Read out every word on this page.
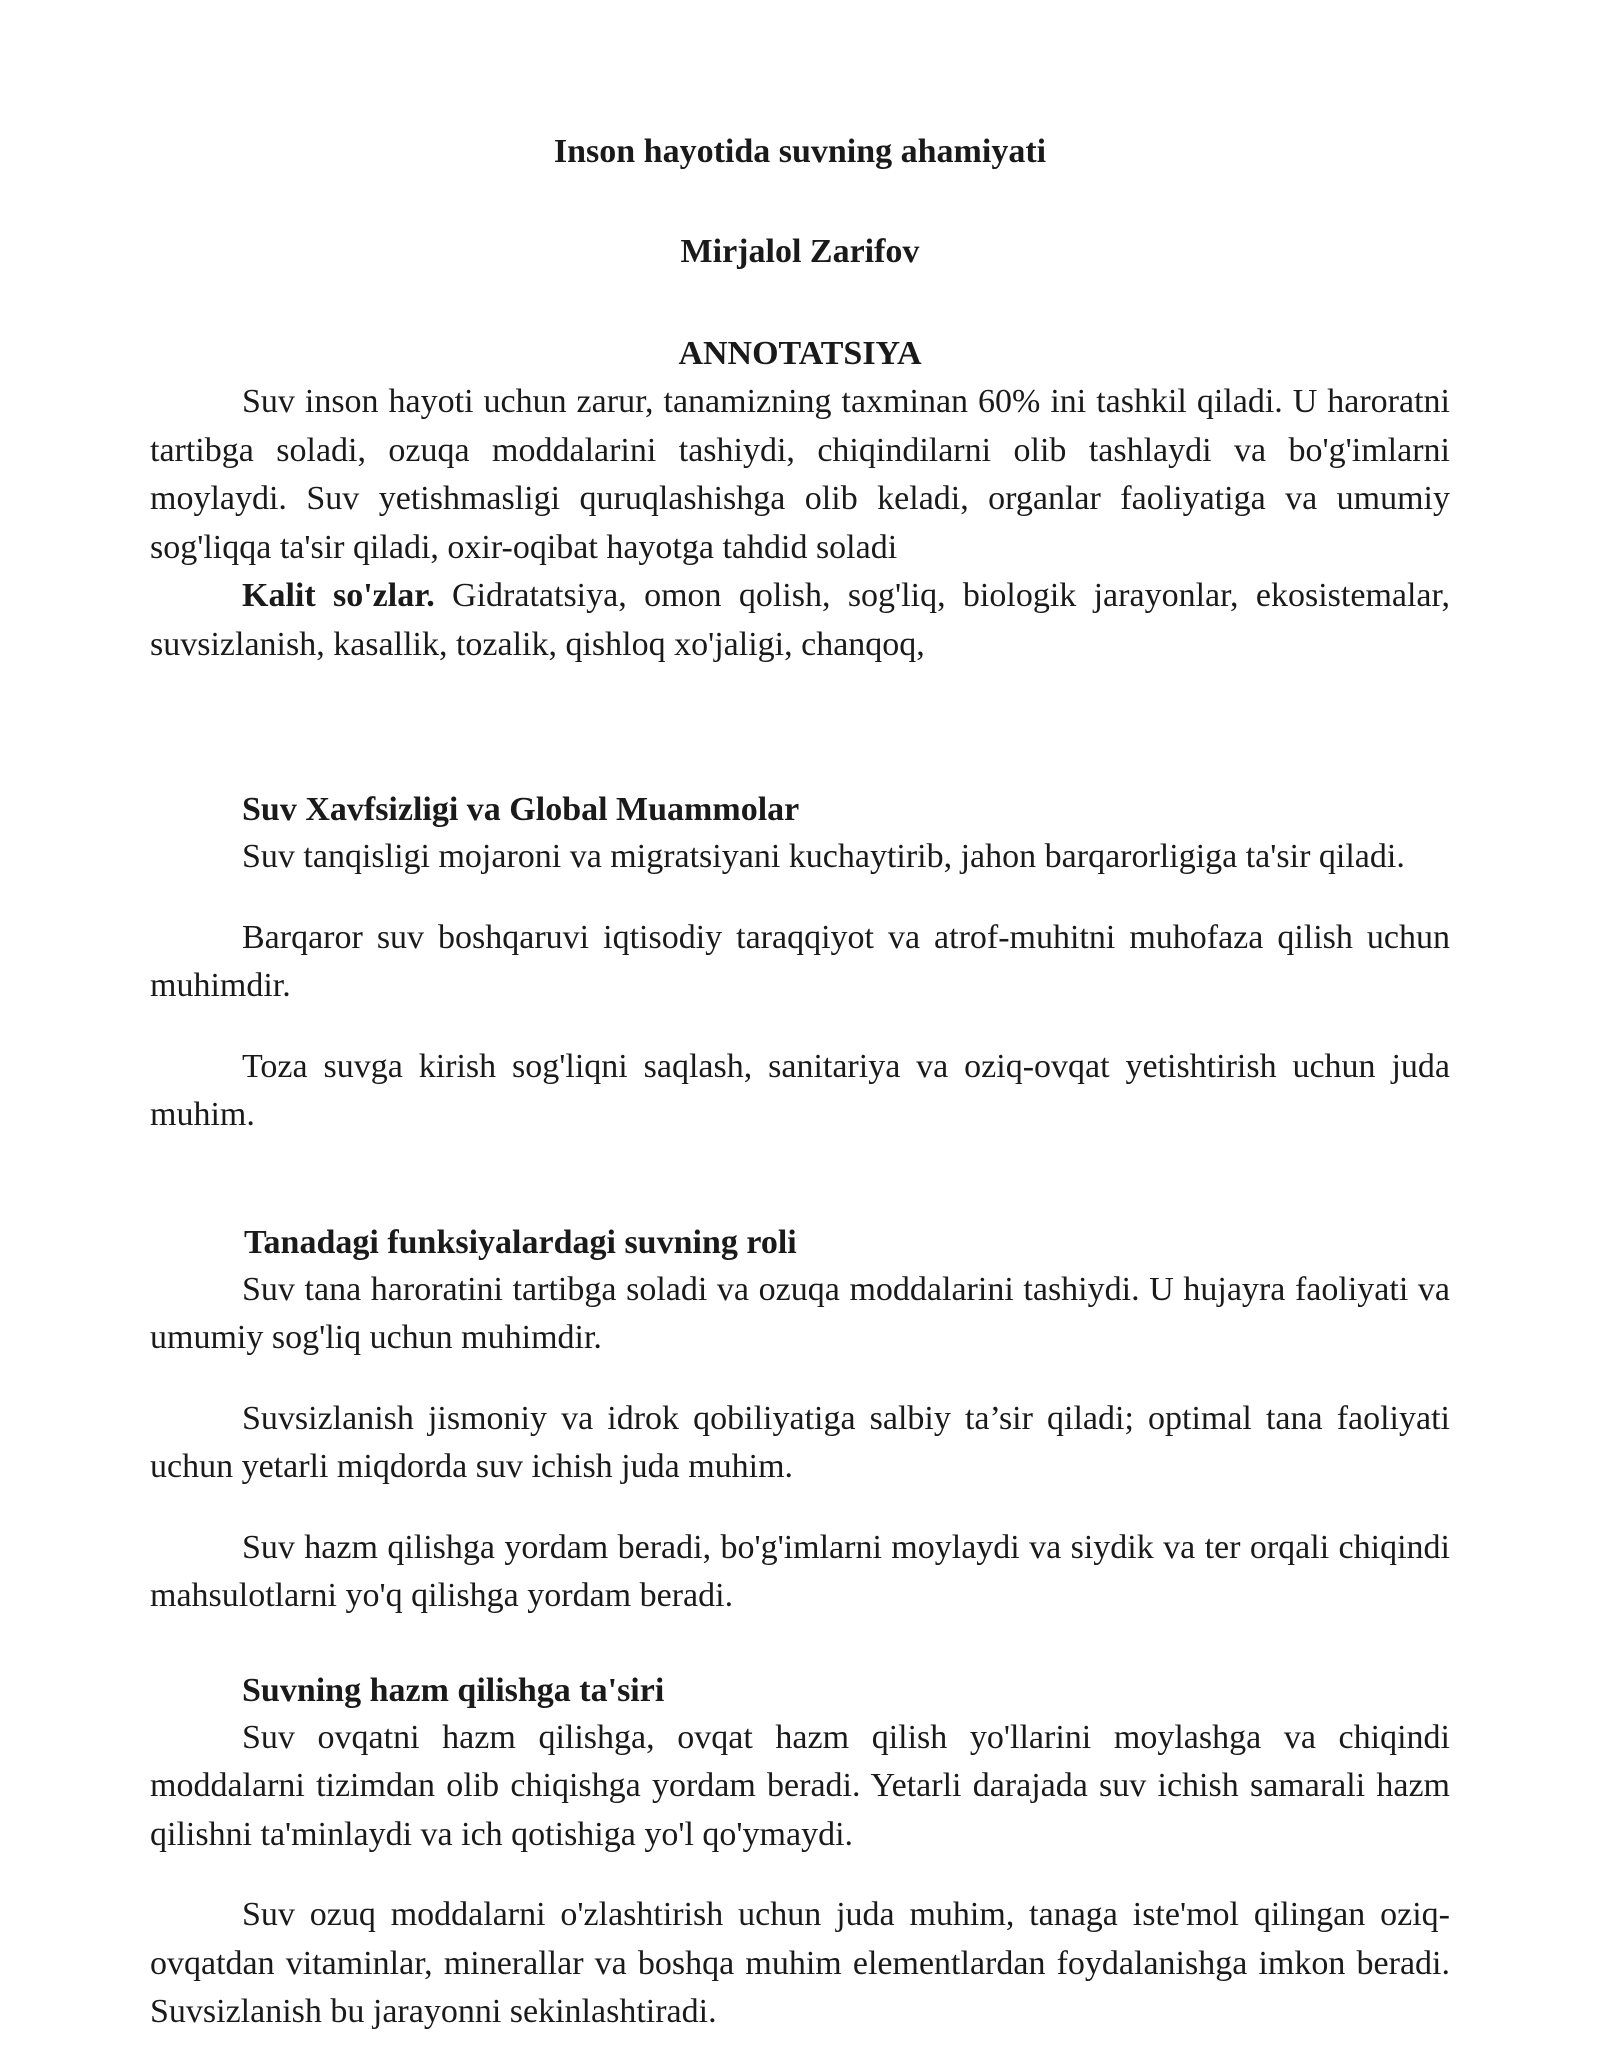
Inson hayotida suvning ahamiyati
Mirjalol Zarifov
ANNOTATSIYA

Suv inson hayoti uchun zarur, tanamizning taxminan 60% ini tashkil qiladi. U haroratni tartibga soladi, ozuqa moddalarini tashiydi, chiqindilarni olib tashlaydi va bo'g'imlarni moylaydi. Suv yetishmasligi quruqlashishga olib keladi, organlar faoliyatiga va umumiy sog'liqqa ta'sir qiladi, oxir-oqibat hayotga tahdid soladi

Kalit so'zlar. Gidratatsiya, omon qolish, sog'liq, biologik jarayonlar, ekosistemalar, suvsizlanish, kasallik, tozalik, qishloq xo'jaligi, chanqoq,

Suv Xavfsizligi va Global Muammolar

Suv tanqisligi mojaroni va migratsiyani kuchaytirib, jahon barqarorligiga ta'sir qiladi.

Barqaror suv boshqaruvi iqtisodiy taraqqiyot va atrof-muhitni muhofaza qilish uchun muhimdir.

Toza suvga kirish sog'liqni saqlash, sanitariya va oziq-ovqat yetishtirish uchun juda muhim.

Tanadagi funksiyalardagi suvning roli

Suv tana haroratini tartibga soladi va ozuqa moddalarini tashiydi. U hujayra faoliyati va umumiy sog'liq uchun muhimdir.

Suvsizlanish jismoniy va idrok qobiliyatiga salbiy ta’sir qiladi; optimal tana faoliyati uchun yetarli miqdorda suv ichish juda muhim.

Suv hazm qilishga yordam beradi, bo'g'imlarni moylaydi va siydik va ter orqali chiqindi mahsulotlarni yo'q qilishga yordam beradi.

Suvning hazm qilishga ta'siri

Suv ovqatni hazm qilishga, ovqat hazm qilish yo'llarini moylashga va chiqindi moddalarni tizimdan olib chiqishga yordam beradi. Yetarli darajada suv ichish samarali hazm qilishni ta'minlaydi va ich qotishiga yo'l qo'ymaydi.

Suv ozuq moddalarni o'zlashtirish uchun juda muhim, tanaga iste'mol qilingan oziq-ovqatdan vitaminlar, minerallar va boshqa muhim elementlardan foydalanishga imkon beradi. Suvsizlanish bu jarayonni sekinlashtiradi.
